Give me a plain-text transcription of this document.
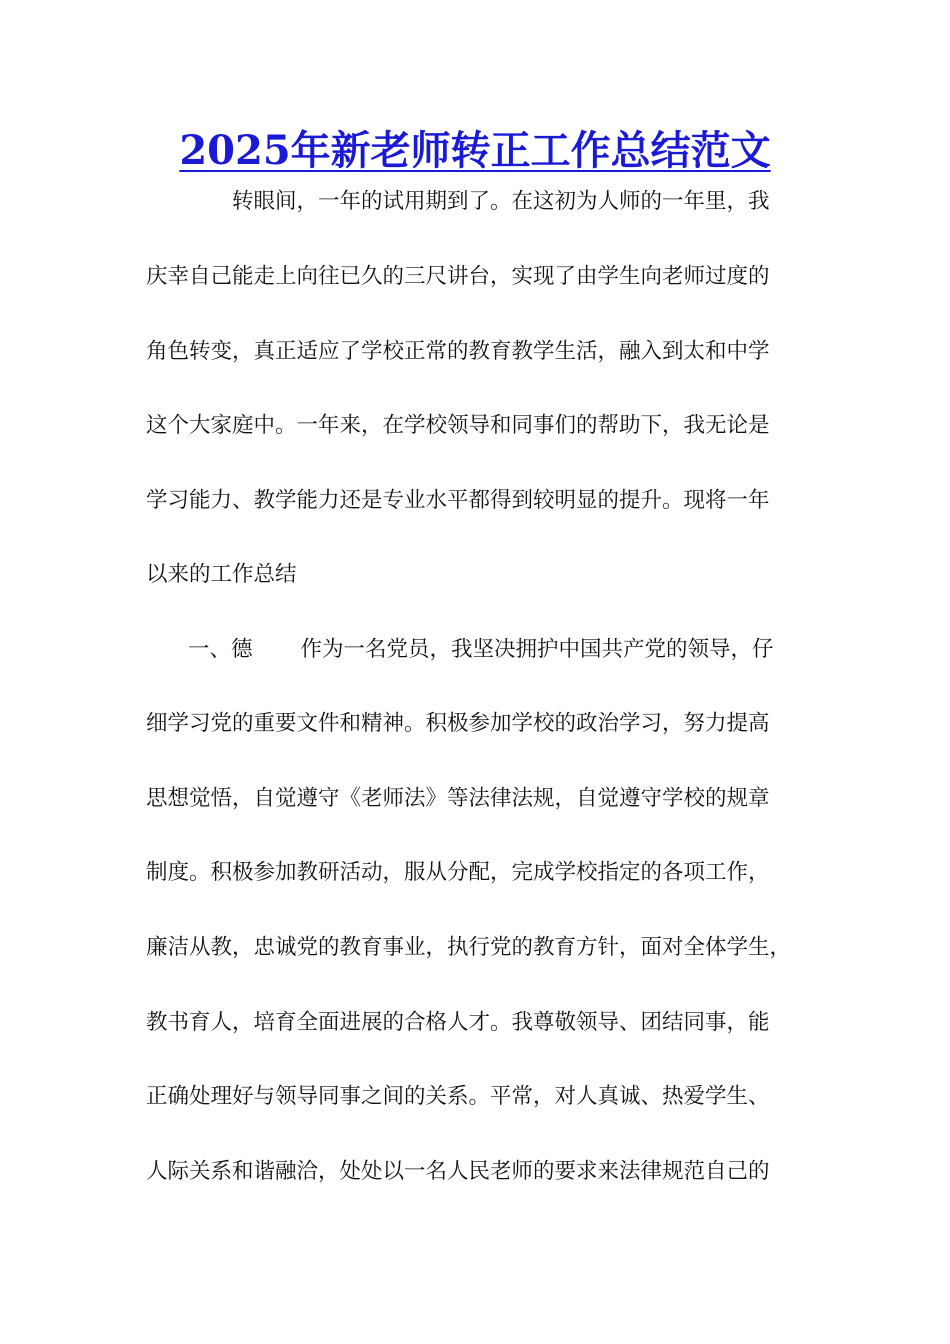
2025年新老师转正工作总结范文
转眼间，一年的试用期到了。在这初为人师的一年里，我
庆幸自己能走上向往已久的三尺讲台，实现了由学生向老师过度的
角色转变，真正适应了学校正常的教育教学生活，融入到太和中学
这个大家庭中。一年来，在学校领导和同事们的帮助下，我无论是
学习能力、教学能力还是专业水平都得到较明显的提升。现将一年
以来的工作总结
一、德 作为一名党员，我坚决拥护中国共产党的领导，仔
细学习党的重要文件和精神。积极参加学校的政治学习，努力提高
思想觉悟，自觉遵守《老师法》等法律法规，自觉遵守学校的规章
制度。积极参加教研活动，服从分配，完成学校指定的各项工作，
廉洁从教，忠诚党的教育事业，执行党的教育方针，面对全体学生，
教书育人，培育全面进展的合格人才。我尊敬领导、团结同事，能
正确处理好与领导同事之间的关系。平常，对人真诚、热爱学生、
人际关系和谐融洽，处处以一名人民老师的要求来法律规范自己的
